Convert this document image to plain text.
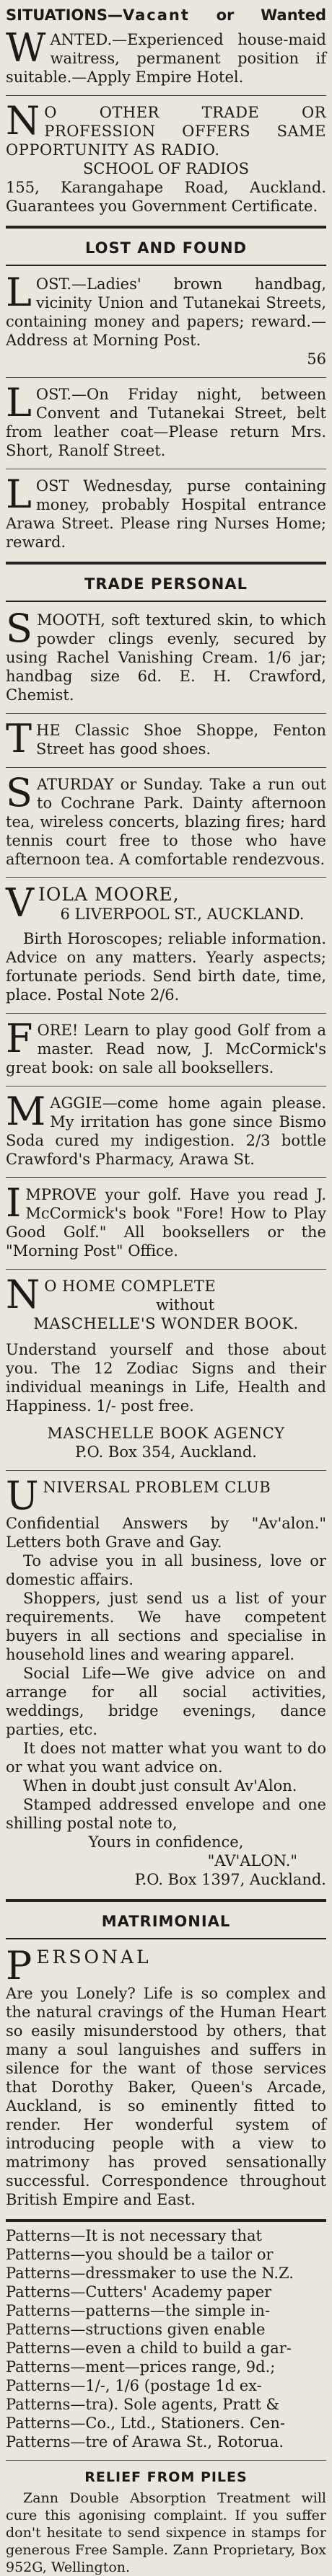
SITUATIONS—Vacant or Wanted
W ANTED.—Experienced house-maid waitress, permanent position if suitable.—Apply Empire Hotel.
N O OTHER TRADE OR PROFESSION OFFERS SAME OPPORTUNITY AS RADIO.

SCHOOL OF RADIOS

155, Karangahape Road, Auckland. Guarantees you Government Certificate.

LOST AND FOUND
L OST.—Ladies' brown handbag, vicinity Union and Tutanekai Streets, containing money and papers; reward.—Address at Morning Post.

56

L OST.—On Friday night, between Convent and Tutanekai Street, belt from leather coat—Please return Mrs. Short, Ranolf Street.
L OST Wednesday, purse containing money, probably Hospital entrance Arawa Street. Please ring Nurses Home; reward.
TRADE PERSONAL
S MOOTH, soft textured skin, to which powder clings evenly, secured by using Rachel Vanishing Cream. 1/6 jar; handbag size 6d. E. H. Crawford, Chemist.
T HE Classic Shoe Shoppe, Fenton Street has good shoes.
S ATURDAY or Sunday. Take a run out to Cochrane Park. Dainty afternoon tea, wireless concerts, blazing fires; hard tennis court free to those who have afternoon tea. A comfortable rendezvous.
V IOLA MOORE,

6 LIVERPOOL ST., AUCKLAND.

Birth Horoscopes; reliable information. Advice on any matters. Yearly aspects; fortunate periods. Send birth date, time, place. Postal Note 2/6.

F ORE! Learn to play good Golf from a master. Read now, J. McCormick's great book: on sale all booksellers.
M AGGIE—come home again please. My irritation has gone since Bismo Soda cured my indigestion. 2/3 bottle Crawford's Pharmacy, Arawa St.
I MPROVE your golf. Have you read J. McCormick's book "Fore! How to Play Good Golf." All booksellers or the "Morning Post" Office.
N O HOME COMPLETE

without

MASCHELLE'S WONDER BOOK.

Understand yourself and those about you. The 12 Zodiac Signs and their individual meanings in Life, Health and Happiness. 1/- post free.

MASCHELLE BOOK AGENCY

P.O. Box 354, Auckland.

U NIVERSAL PROBLEM CLUB

Confidential Answers by "Av'alon." Letters both Grave and Gay.

To advise you in all business, love or domestic affairs.

Shoppers, just send us a list of your requirements. We have competent buyers in all sections and specialise in household lines and wearing apparel.

Social Life—We give advice on and arrange for all social activities, weddings, bridge evenings, dance parties, etc.

It does not matter what you want to do or what you want advice on.

When in doubt just consult Av'Alon.

Stamped addressed envelope and one shilling postal note to,

Yours in confidence,

"AV'ALON."

P.O. Box 1397, Auckland.

MATRIMONIAL
P ERSONAL

Are you Lonely? Life is so complex and the natural cravings of the Human Heart so easily misunderstood by others, that many a soul languishes and suffers in silence for the want of those services that Dorothy Baker, Queen's Arcade, Auckland, is so eminently fitted to render. Her wonderful system of introducing people with a view to matrimony has proved sensationally successful. Correspondence throughout British Empire and East.

Patterns—It is not necessary that

Patterns—you should be a tailor or

Patterns—dressmaker to use the N.Z.

Patterns—Cutters' Academy paper

Patterns—patterns—the simple in-

Patterns—structions given enable

Patterns—even a child to build a gar-

Patterns—ment—prices range, 9d.;

Patterns—1/-, 1/6 (postage 1d ex-

Patterns—tra). Sole agents, Pratt &

Patterns—Co., Ltd., Stationers. Cen-

Patterns—tre of Arawa St., Rotorua.

RELIEF FROM PILES
Zann Double Absorption Treatment will cure this agonising complaint. If you suffer don't hesitate to send sixpence in stamps for generous Free Sample. Zann Proprietary, Box 952G, Wellington.
